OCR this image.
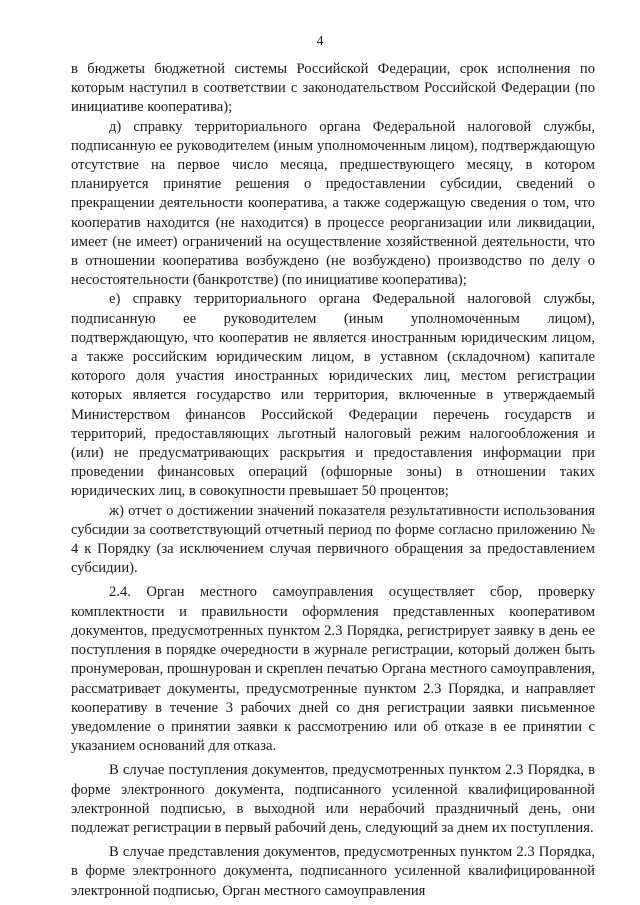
4

в бюджеты бюджетной системы Российской Федерации, срок исполнения по которым наступил в соответствии с законодательством Российской Федерации (по инициативе кооператива);

д) справку территориального органа Федеральной налоговой службы, подписанную ее руководителем (иным уполномоченным лицом), подтверждающую отсутствие на первое число месяца, предшествующего месяцу, в котором планируется принятие решения о предоставлении субсидии, сведений о прекращении деятельности кооператива, а также содержащую сведения о том, что кооператив находится (не находится) в процессе реорганизации или ликвидации, имеет (не имеет) ограничений на осуществление хозяйственной деятельности, что в отношении кооператива возбуждено (не возбуждено) производство по делу о несостоятельности (банкротстве) (по инициативе кооператива);

е) справку территориального органа Федеральной налоговой службы, подписанную ее руководителем (иным уполномоченным лицом), подтверждающую, что кооператив не является иностранным юридическим лицом, а также российским юридическим лицом, в уставном (складочном) капитале которого доля участия иностранных юридических лиц, местом регистрации которых является государство или территория, включенные в утверждаемый Министерством финансов Российской Федерации перечень государств и территорий, предоставляющих льготный налоговый режим налогообложения и (или) не предусматривающих раскрытия и предоставления информации при проведении финансовых операций (офшорные зоны) в отношении таких юридических лиц, в совокупности превышает 50 процентов;

ж) отчет о достижении значений показателя результативности использования субсидии за соответствующий отчетный период по форме согласно приложению № 4 к Порядку (за исключением случая первичного обращения за предоставлением субсидии).

2.4. Орган местного самоуправления осуществляет сбор, проверку комплектности и правильности оформления представленных кооперативом документов, предусмотренных пунктом 2.3 Порядка, регистрирует заявку в день ее поступления в порядке очередности в журнале регистрации, который должен быть пронумерован, прошнурован и скреплен печатью Органа местного самоуправления, рассматривает документы, предусмотренные пунктом 2.3 Порядка, и направляет кооперативу в течение 3 рабочих дней со дня регистрации заявки письменное уведомление о принятии заявки к рассмотрению или об отказе в ее принятии с указанием оснований для отказа.

В случае поступления документов, предусмотренных пунктом 2.3 Порядка, в форме электронного документа, подписанного усиленной квалифицированной электронной подписью, в выходной или нерабочий праздничный день, они подлежат регистрации в первый рабочий день, следующий за днем их поступления.

В случае представления документов, предусмотренных пунктом 2.3 Порядка, в форме электронного документа, подписанного усиленной квалифицированной электронной подписью, Орган местного самоуправления
